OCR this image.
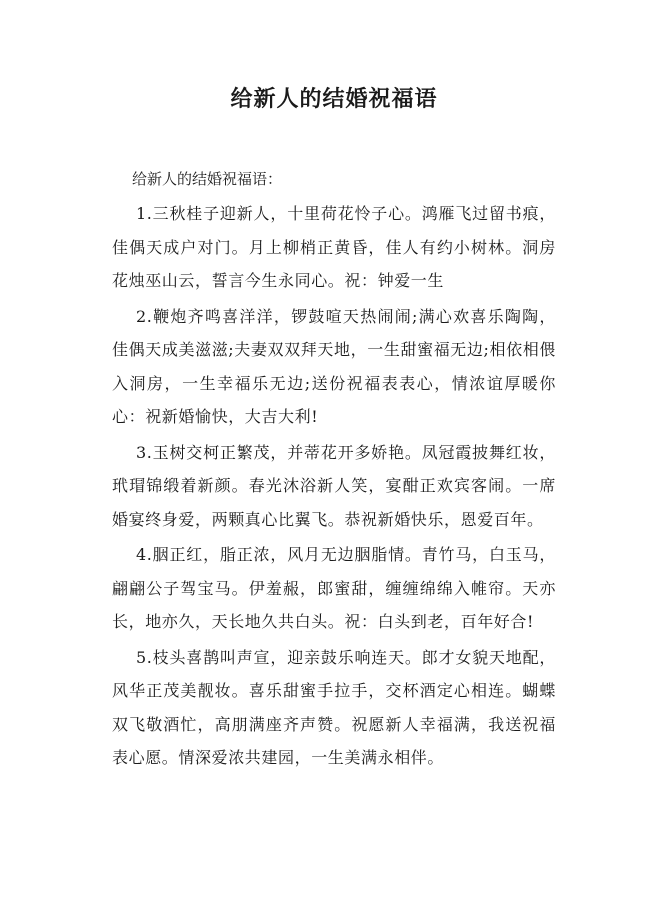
给新人的结婚祝福语

给新人的结婚祝福语：

1.三秋桂子迎新人，十里荷花怜子心。鸿雁飞过留书痕，佳偶天成户对门。月上柳梢正黄昏，佳人有约小树林。洞房花烛巫山云，誓言今生永同心。祝：钟爱一生

2.鞭炮齐鸣喜洋洋，锣鼓喧天热闹闹;满心欢喜乐陶陶，佳偶天成美滋滋;夫妻双双拜天地，一生甜蜜福无边;相依相偎入洞房，一生幸福乐无边;送份祝福表表心，情浓谊厚暖你心：祝新婚愉快，大吉大利!

3.玉树交柯正繁茂，并蒂花开多娇艳。凤冠霞披舞红妆，玳瑁锦缎着新颜。春光沐浴新人笑，宴酣正欢宾客闹。一席婚宴终身爱，两颗真心比翼飞。恭祝新婚快乐，恩爱百年。

4.胭正红，脂正浓，风月无边胭脂情。青竹马，白玉马，翩翩公子驾宝马。伊羞赧，郎蜜甜，缠缠绵绵入帷帘。天亦长，地亦久，天长地久共白头。祝：白头到老，百年好合!

5.枝头喜鹊叫声宣，迎亲鼓乐响连天。郎才女貌天地配，风华正茂美靓妆。喜乐甜蜜手拉手，交杯酒定心相连。蝴蝶双飞敬酒忙，高朋满座齐声赞。祝愿新人幸福满，我送祝福表心愿。情深爱浓共建园，一生美满永相伴。
